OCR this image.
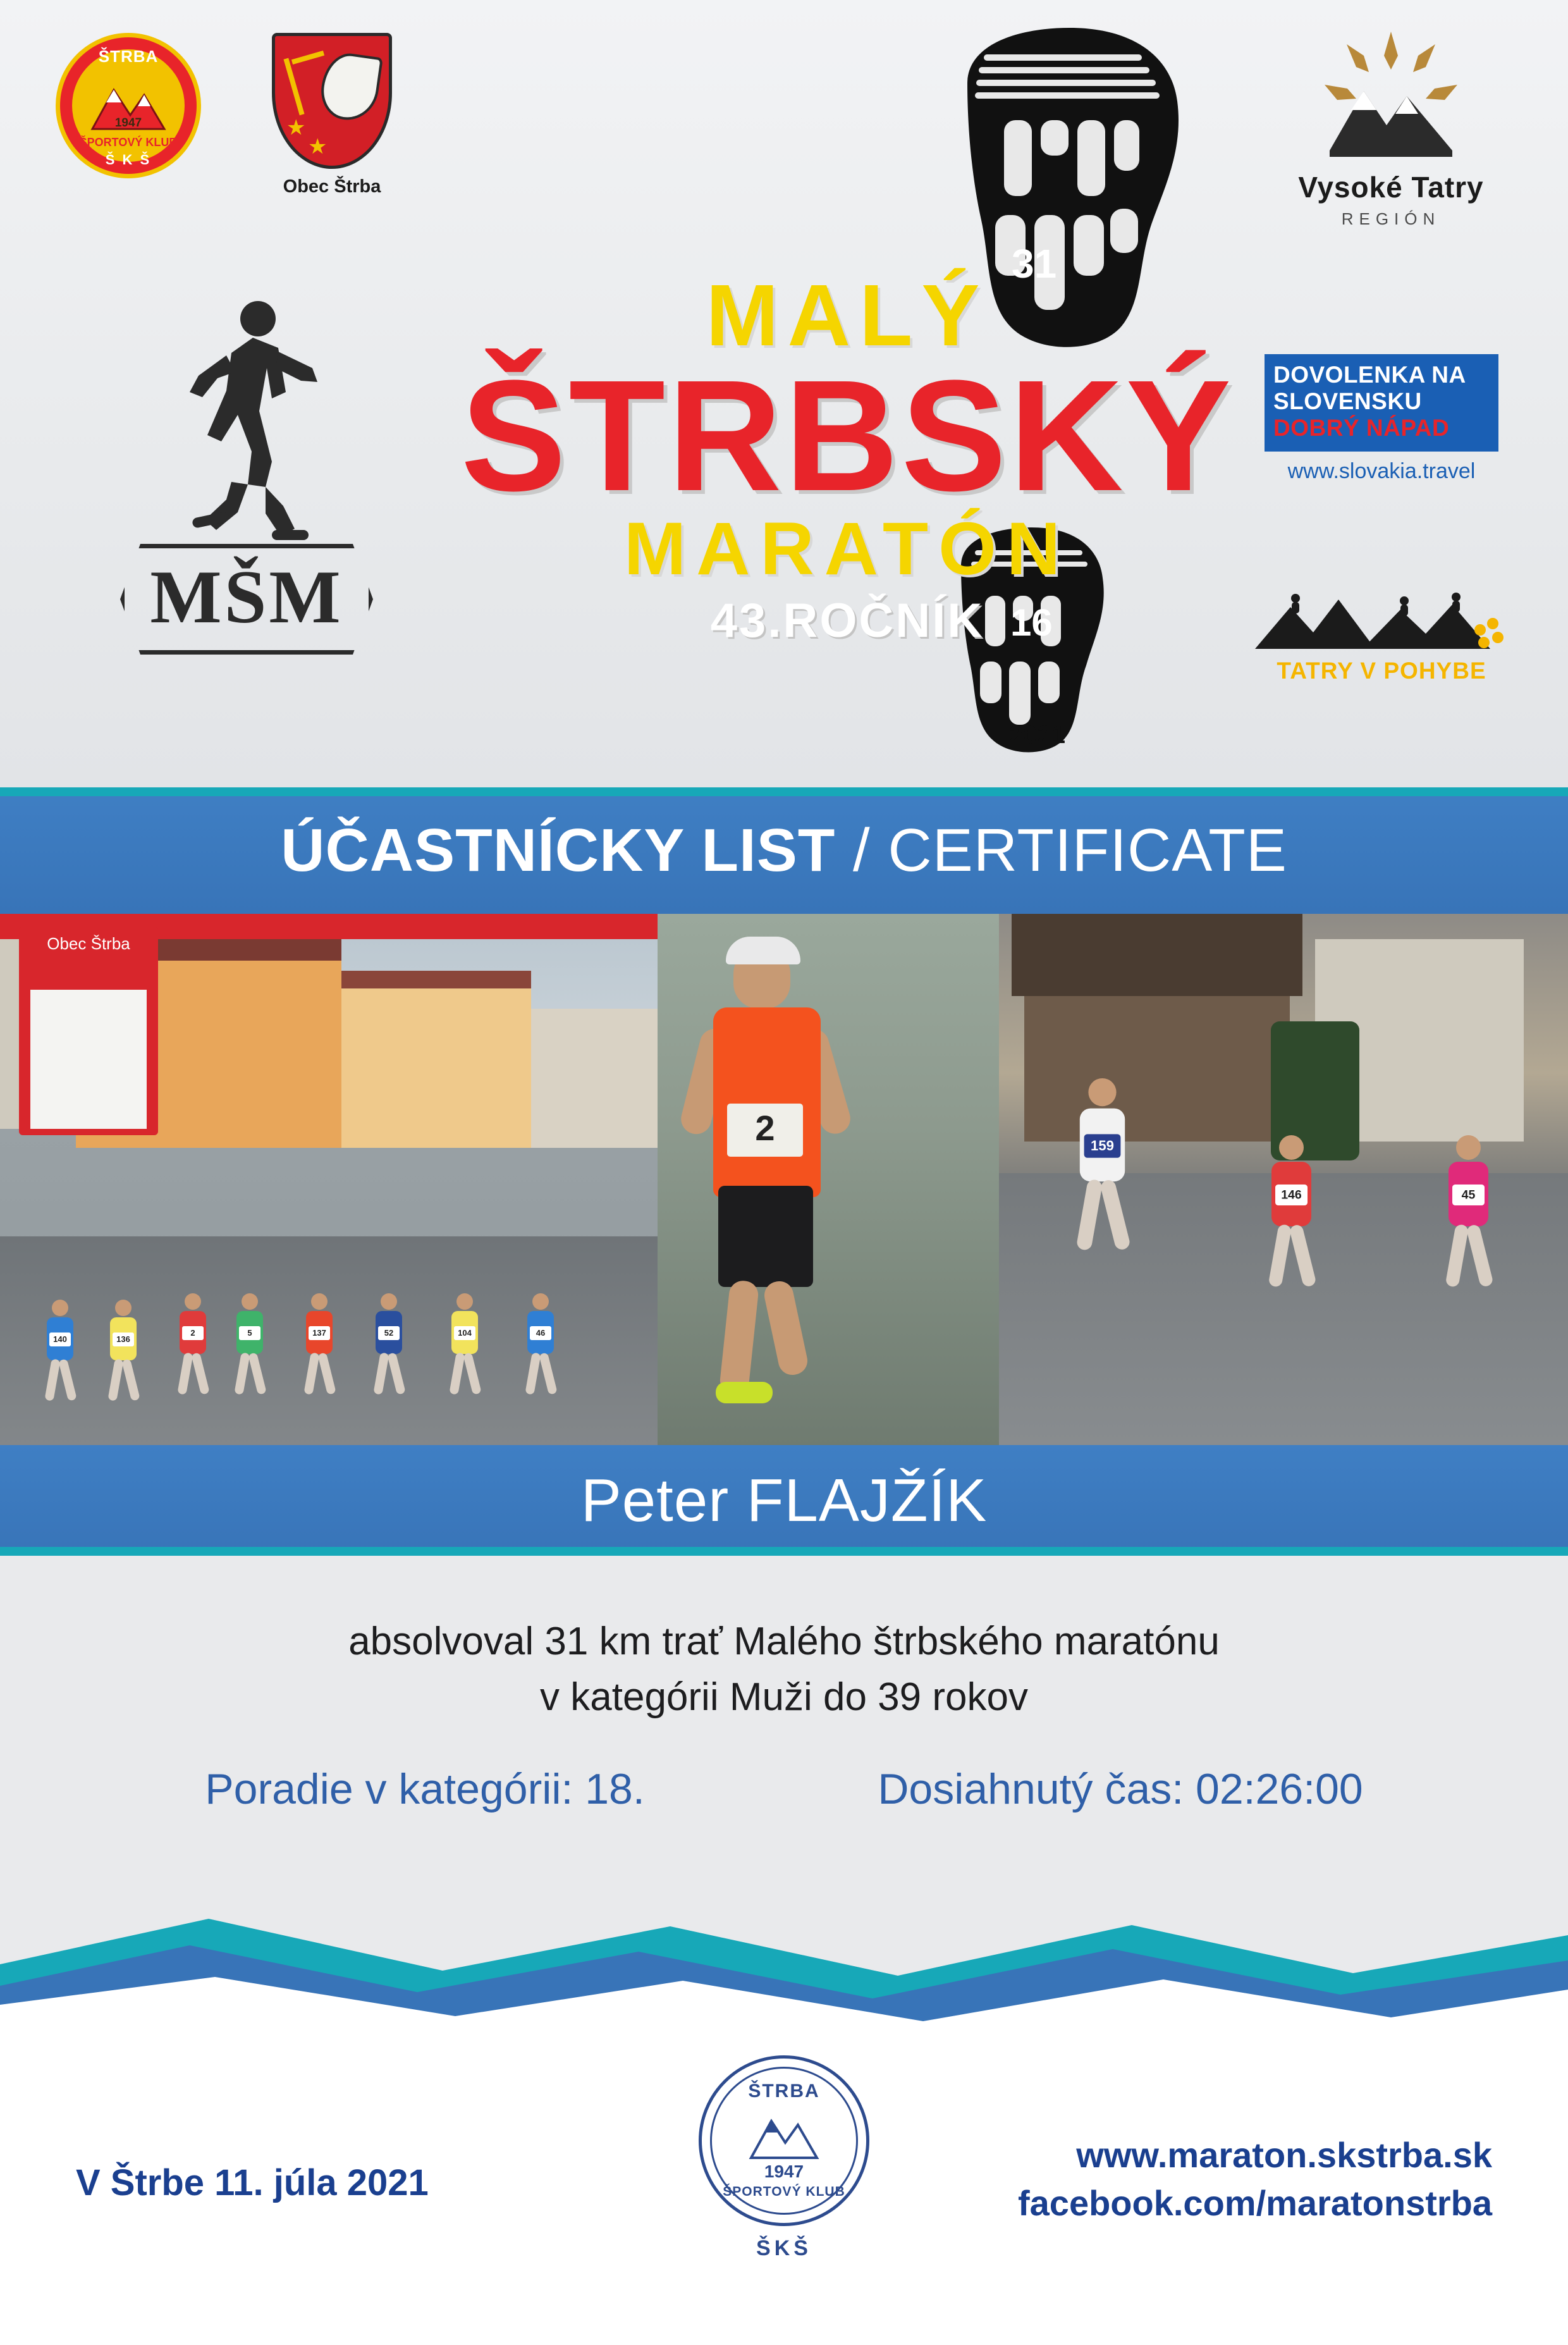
ŠTRBA
1947
ŠPORTOVÝ KLUB
Š K Š
★
★
Obec Štrba
MŠM
31
16
2021
MALÝ
ŠTRBSKÝ
MARATÓN
43.ROČNÍK
Vysoké Tatry
REGIÓN
DOVOLENKA NA
SLOVENSKU
DOBRÝ NÁPAD
www.slovakia.travel
TATRY V POHYBE
ÚČASTNÍCKY LIST / CERTIFICATE
Obec Štrba
140	136
2	5	137	52	104	46
2	159
146	45
Peter FLAJŽÍK
absolvoval 31 km trať Malého štrbského maratónu
v kategórii Muži do 39 rokov
Poradie v kategórii: 18.	Dosiahnutý čas: 02:26:00
V Štrbe 11. júla 2021
ŠTRBA
1947
ŠPORTOVÝ KLUB
ŠKŠ
www.maraton.skstrba.sk
facebook.com/maratonstrba
